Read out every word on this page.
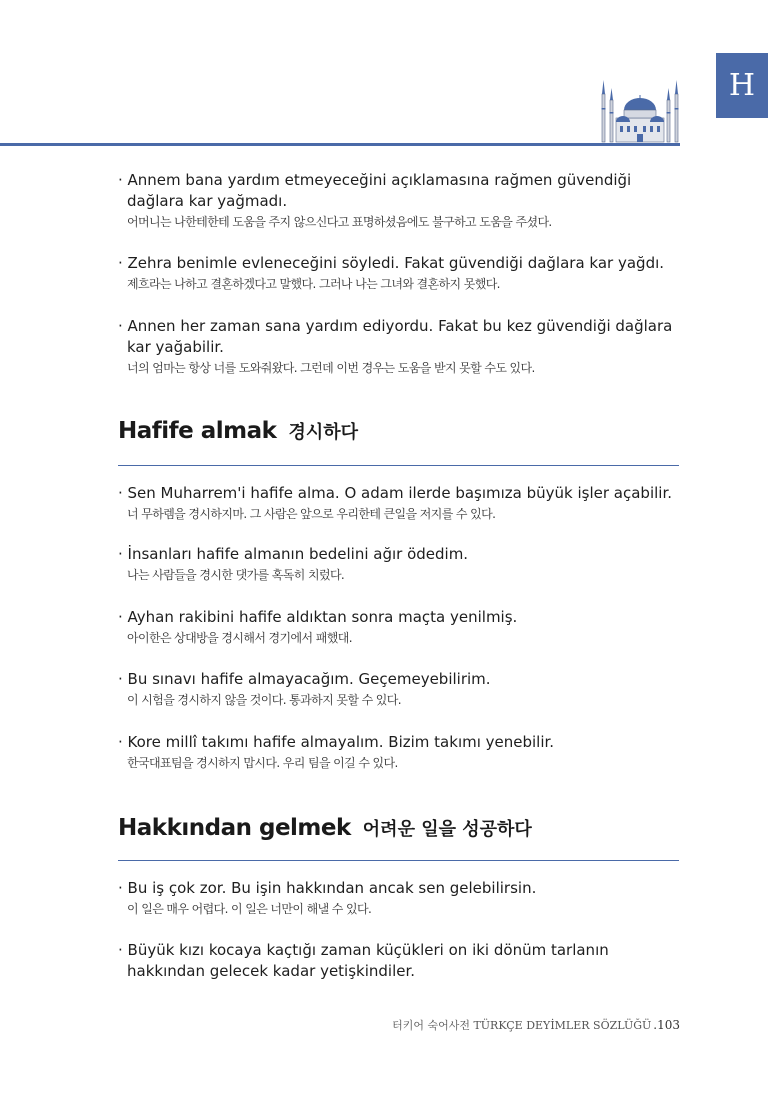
H

· Annem bana yardım etmeyeceğini açıklamasına rağmen güvendiği dağlara kar yağmadı.

어머니는 나한테한테 도움을 주지 않으신다고 표명하셨음에도 불구하고 도움을 주셨다.

· Zehra benimle evleneceğini söyledi. Fakat güvendiği dağlara kar yağdı.

제흐라는 나하고 결혼하겠다고 말했다. 그러나 나는 그녀와 결혼하지 못했다.

· Annen her zaman sana yardım ediyordu. Fakat bu kez güvendiği dağlara kar yağabilir.

너의 엄마는 항상 너를 도와줘왔다. 그런데 이번 경우는 도움을 받지 못할 수도 있다.

Hafife almak 경시하다

· Sen Muharrem'i hafife alma. O adam ilerde başımıza büyük işler açabilir.

너 무하렘을 경시하지마. 그 사람은 앞으로 우리한테 큰일을 저지를 수 있다.

· İnsanları hafife almanın bedelini ağır ödedim.

나는 사람들을 경시한 댓가를 혹독히 치렀다.

· Ayhan rakibini hafife aldıktan sonra maçta yenilmiş.

아이한은 상대방을 경시해서 경기에서 패했대.

· Bu sınavı hafife almayacağım. Geçemeyebilirim.

이 시험을 경시하지 않을 것이다. 통과하지 못할 수 있다.

· Kore millî takımı hafife almayalım. Bizim takımı yenebilir.

한국대표팀을 경시하지 맙시다. 우리 팀을 이길 수 있다.

Hakkından gelmek 어려운 일을 성공하다

· Bu iş çok zor. Bu işin hakkından ancak sen gelebilirsin.

이 일은 매우 어렵다. 이 일은 너만이 해낼 수 있다.

· Büyük kızı kocaya kaçtığı zaman küçükleri on iki dönüm tarlanın hakkından gelecek kadar yetişkindiler.

터키어 숙어사전 TÜRKÇE DEYİMLER SÖZLÜĞÜ .103
